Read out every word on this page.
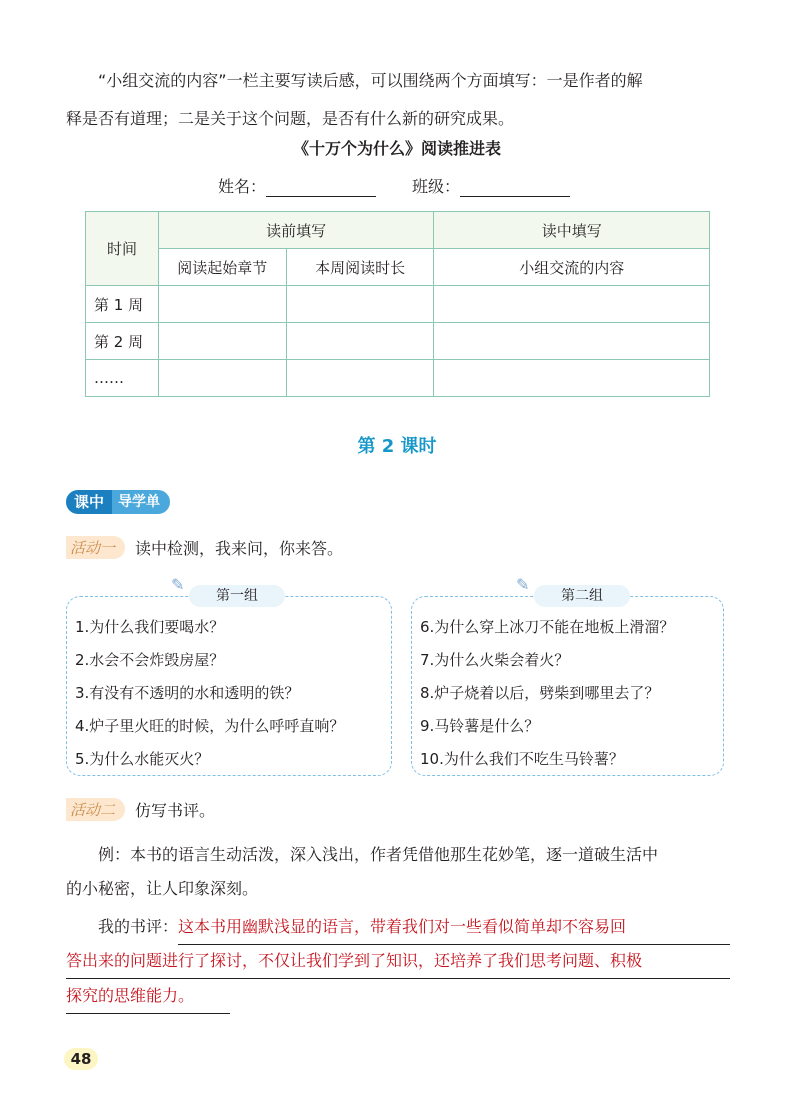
“小组交流的内容”一栏主要写读后感，可以围绕两个方面填写：一是作者的解

释是否有道理；二是关于这个问题，是否有什么新的研究成果。
《十万个为什么》阅读推进表
姓名：	班级：
时间	读前填写		读中填写
	阅读起始章节	本周阅读时长	小组交流的内容
第 1 周			
第 2 周			
……			
第 2 课时
课中	导学单
活动一	读中检测，我来问，你来答。
✎
第一组
1.为什么我们要喝水？
2.水会不会炸毁房屋？
3.有没有不透明的水和透明的铁？
4.炉子里火旺的时候，为什么呼呼直响？
5.为什么水能灭火？
✎
第二组
6.为什么穿上冰刀不能在地板上滑溜？
7.为什么火柴会着火？
8.炉子烧着以后，劈柴到哪里去了？
9.马铃薯是什么？
10.为什么我们不吃生马铃薯？
活动二	仿写书评。

例：本书的语言生动活泼，深入浅出，作者凭借他那生花妙笔，逐一道破生活中

的小秘密，让人印象深刻。
我的书评： 这本书用幽默浅显的语言，带着我们对一些看似简单却不容易回
答出来的问题进行了探讨，不仅让我们学到了知识，还培养了我们思考问题、积极
探究的思维能力。
48
